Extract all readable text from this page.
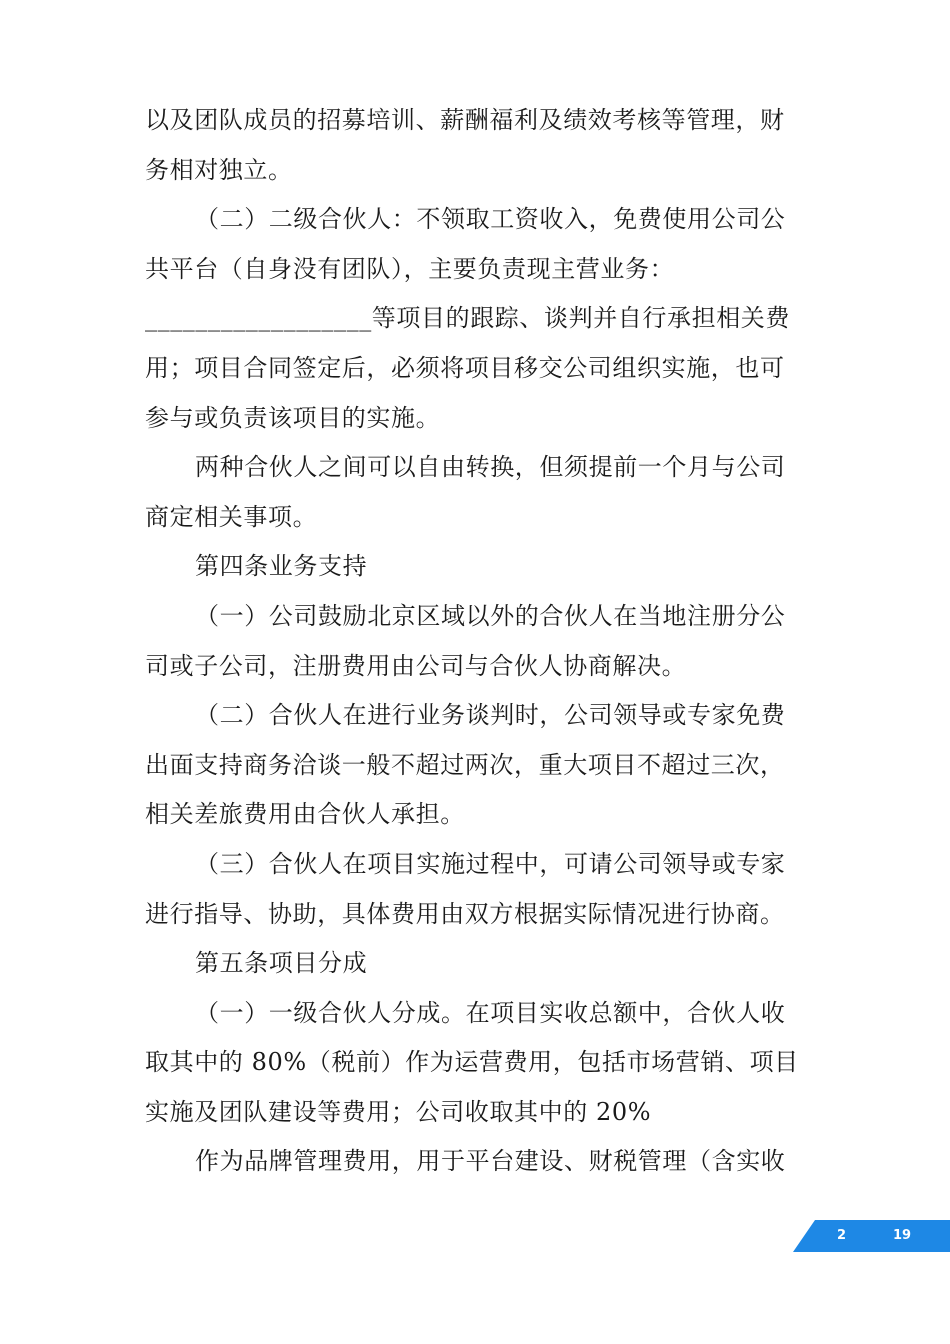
以及团队成员的招募培训、薪酬福利及绩效考核等管理，财

务相对独立。

（二）二级合伙人：不领取工资收入，免费使用公司公

共平台（自身没有团队），主要负责现主营业务：

__________________等项目的跟踪、谈判并自行承担相关费

用；项目合同签定后，必须将项目移交公司组织实施，也可

参与或负责该项目的实施。

两种合伙人之间可以自由转换，但须提前一个月与公司

商定相关事项。

第四条业务支持

（一）公司鼓励北京区域以外的合伙人在当地注册分公

司或子公司，注册费用由公司与合伙人协商解决。

（二）合伙人在进行业务谈判时，公司领导或专家免费

出面支持商务洽谈一般不超过两次，重大项目不超过三次，

相关差旅费用由合伙人承担。

（三）合伙人在项目实施过程中，可请公司领导或专家

进行指导、协助，具体费用由双方根据实际情况进行协商。

第五条项目分成

（一）一级合伙人分成。在项目实收总额中，合伙人收

取其中的 80%（税前）作为运营费用，包括市场营销、项目

实施及团队建设等费用；公司收取其中的 20%

作为品牌管理费用，用于平台建设、财税管理（含实收

2	19
